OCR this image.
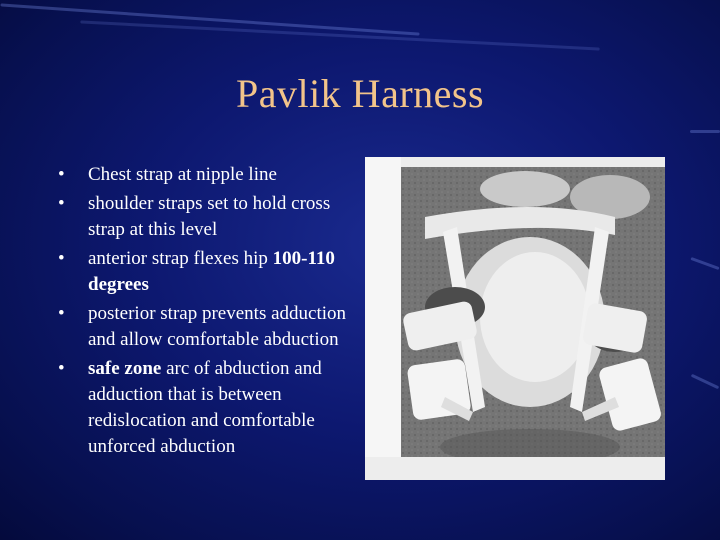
Pavlik Harness
• Chest strap at nipple line
• shoulder straps set to hold cross strap at this level
• anterior strap flexes hip 100-110 degrees
• posterior strap prevents adduction and allow comfortable abduction
• safe zone arc of abduction and adduction that is between redislocation and comfortable unforced abduction
